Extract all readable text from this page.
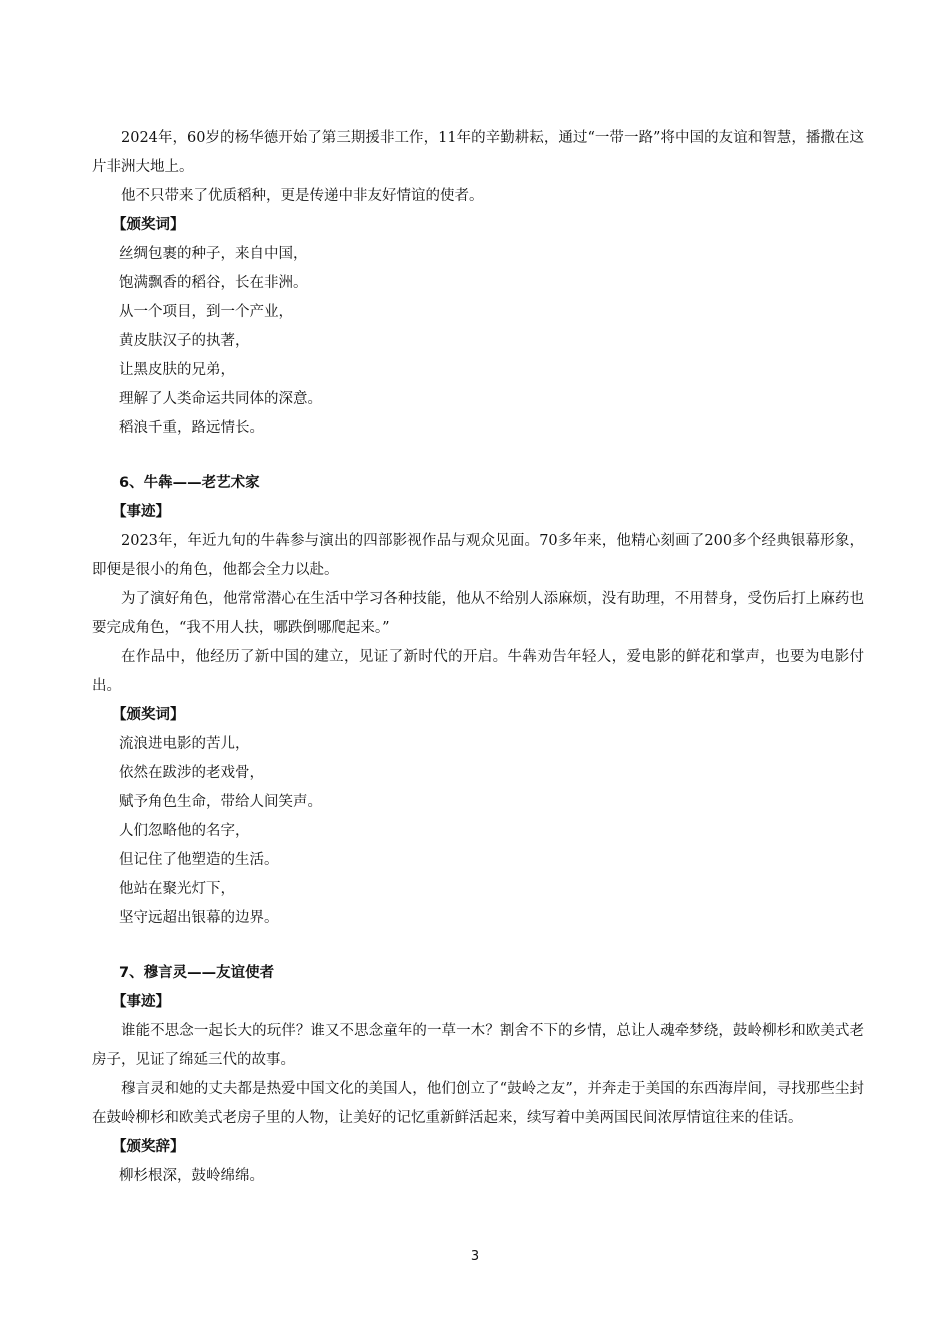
2024年，60岁的杨华德开始了第三期援非工作，11年的辛勤耕耘，通过“一带一路”将中国的友谊和智慧，播撒在这片非洲大地上。

他不只带来了优质稻种，更是传递中非友好情谊的使者。

【颁奖词】

丝绸包裹的种子，来自中国，

饱满飘香的稻谷，长在非洲。

从一个项目，到一个产业，

黄皮肤汉子的执著，

让黑皮肤的兄弟，

理解了人类命运共同体的深意。

稻浪千重，路远情长。

6、牛犇——老艺术家

【事迹】

2023年，年近九旬的牛犇参与演出的四部影视作品与观众见面。70多年来，他精心刻画了200多个经典银幕形象，即便是很小的角色，他都会全力以赴。

为了演好角色，他常常潜心在生活中学习各种技能，他从不给别人添麻烦，没有助理，不用替身，受伤后打上麻药也要完成角色，“我不用人扶，哪跌倒哪爬起来。”

在作品中，他经历了新中国的建立，见证了新时代的开启。牛犇劝告年轻人，爱电影的鲜花和掌声，也要为电影付出。

【颁奖词】

流浪进电影的苦儿，

依然在跋涉的老戏骨，

赋予角色生命，带给人间笑声。

人们忽略他的名字，

但记住了他塑造的生活。

他站在聚光灯下，

坚守远超出银幕的边界。

7、穆言灵——友谊使者

【事迹】

谁能不思念一起长大的玩伴？谁又不思念童年的一草一木？割舍不下的乡情，总让人魂牵梦绕，鼓岭柳杉和欧美式老房子，见证了绵延三代的故事。

穆言灵和她的丈夫都是热爱中国文化的美国人，他们创立了“鼓岭之友”，并奔走于美国的东西海岸间，寻找那些尘封在鼓岭柳杉和欧美式老房子里的人物，让美好的记忆重新鲜活起来，续写着中美两国民间浓厚情谊往来的佳话。

【颁奖辞】

柳杉根深，鼓岭绵绵。

3
